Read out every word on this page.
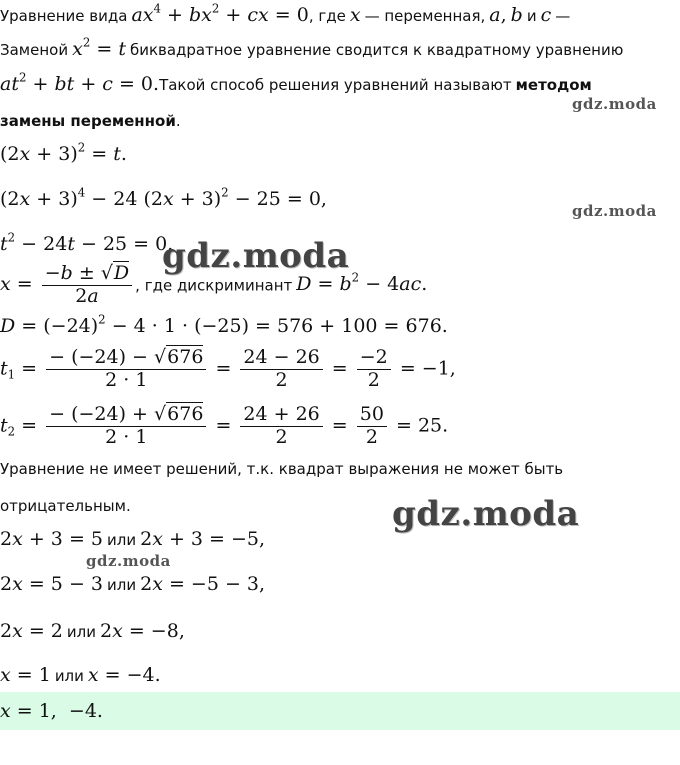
Уравнение вида $ax^4 + bx^2$ + cx = 0, где x — переменная, a, b и c —
Заменой $x^2 = t$ биквадратное уравнение сводится к квадратному уравнению
$at^2$ + bt + c = 0.Такой способ решения уравнений называют методом
замены переменной.
$(2x + 3)^2 = t$.
$(2x + 3)^4 - 24$ $(2x + 3)^2 - 25 = 0$,
$t^2 - 24t - 25 = 0$.
$x = \frac{-b \pm √D}{2a}$ , где дискриминант $D = b^2 - 4ac$.
$D = (-24)^2 - 4 \cdot 1 \cdot (-25) = 576 + 100 = 676$.
$t_1 = \frac{- (-24) - √676}{2 \cdot 1} = \frac{24 - 26}{2} = \frac{-2}{2} = -1$,
$t_2 = \frac{- (-24) + √676}{2 \cdot 1} = \frac{24 + 26}{2} = \frac{50}{2} = 25$.
Уравнение не имеет решений, т.к. квадрат выражения не может быть
отрицательным.
2x + 3 = 5 или 2x + 3 = −5,
2x = 5 − 3 или 2x = −5 − 3,
2x = 2 или 2x = −8,
x = 1 или x = −4.
x = 1,  −4.
gdz.moda
gdz.moda
gdz.moda
gdz.moda
gdz.moda
